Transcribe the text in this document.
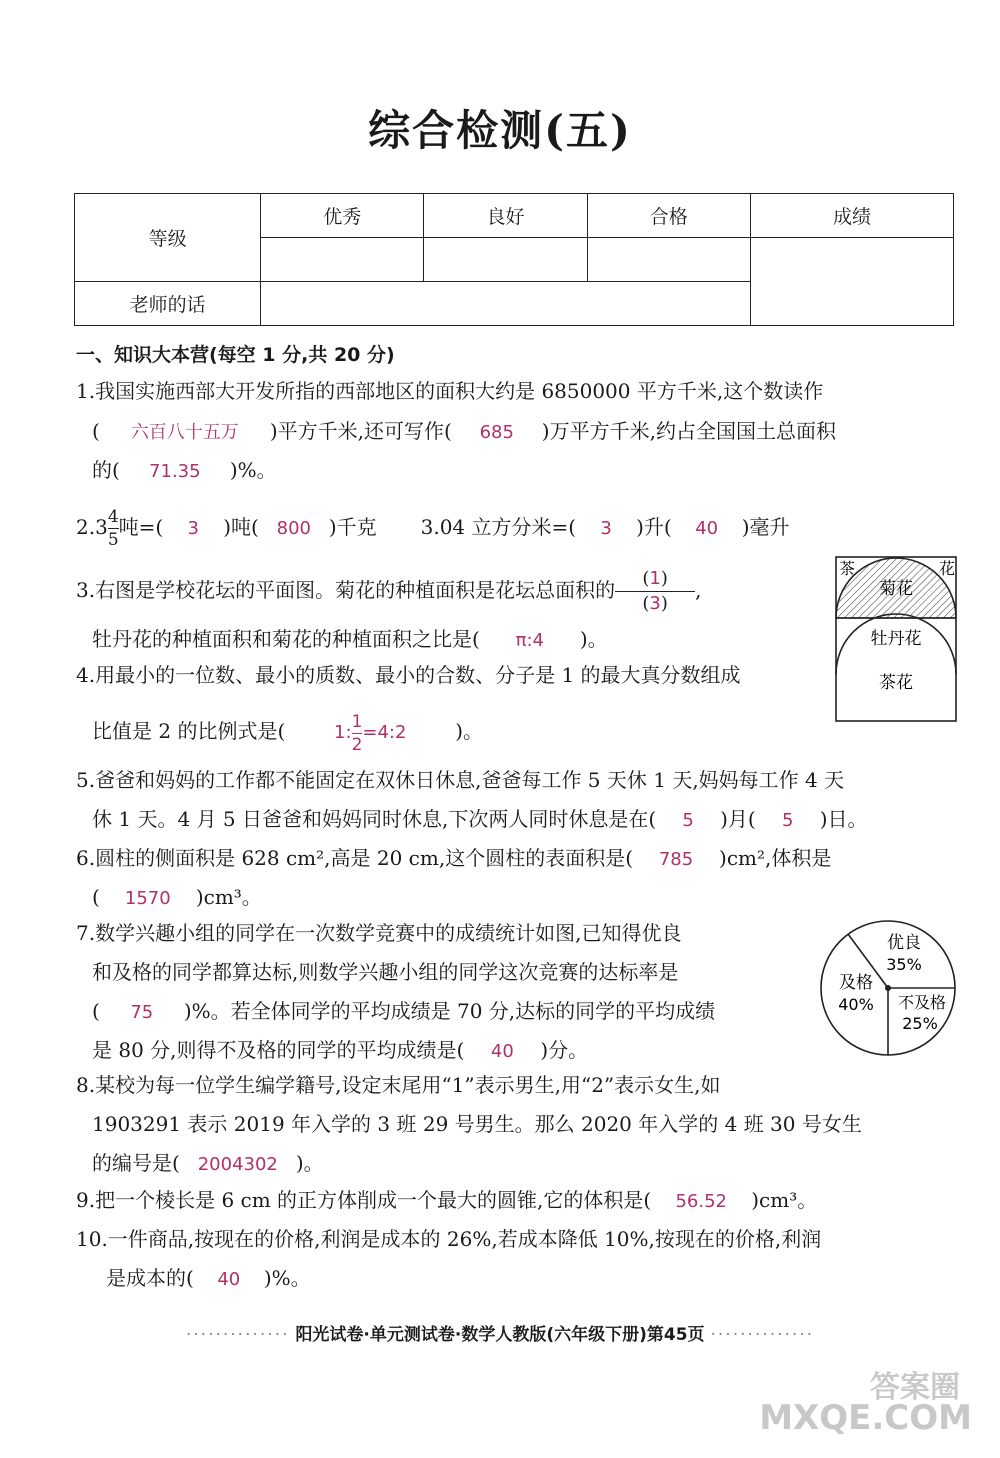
综合检测(五)
等级	优秀	良好	合格	成绩

老师的话				
一、知识大本营(每空 1 分,共 20 分)
1.我国实施西部大开发所指的西部地区的面积大约是 6850000 平方千米,这个数读作
( 六百八十五万 )平方千米,还可写作( 685 )万平方千米,约占全国国土总面积
的( 71.35 )%。
$2.3 \frac{4}{5}$ 吨=( 3 )吨( 800 )千克 3.04 立方分米=( 3 )升( 40 )毫升
3.右图是学校花坛的平面图。菊花的种植面积是花坛总面积的 $\frac{(1)}{(3)}$ ,
牡丹花的种植面积和菊花的种植面积之比是( π:4 )。
茶	花
菊花
牡丹花
茶花
4.用最小的一位数、最小的质数、最小的合数、分子是 1 的最大真分数组成
比值是 2 的比例式是(	1: $\frac{1}{2}$ =4:2 )。
5.爸爸和妈妈的工作都不能固定在双休日休息,爸爸每工作 5 天休 1 天,妈妈每工作 4 天
休 1 天。4 月 5 日爸爸和妈妈同时休息,下次两人同时休息是在( 5 )月( 5 )日。
6.圆柱的侧面积是 628 cm²,高是 20 cm,这个圆柱的表面积是( 785 )cm²,体积是
( 1570 )cm³。
7.数学兴趣小组的同学在一次数学竞赛中的成绩统计如图,已知得优良
和及格的同学都算达标,则数学兴趣小组的同学这次竞赛的达标率是
( 75 )%。若全体同学的平均成绩是 70 分,达标的同学的平均成绩
是 80 分,则得不及格的同学的平均成绩是( 40 )分。
优良
35%
及格
40% 不及格
25%
8.某校为每一位学生编学籍号,设定末尾用“1”表示男生,用“2”表示女生,如
1903291 表示 2019 年入学的 3 班 29 号男生。那么 2020 年入学的 4 班 30 号女生
的编号是( 2004302 )。
9.把一个棱长是 6 cm 的正方体削成一个最大的圆锥,它的体积是( 56.52 )cm³。
10.一件商品,按现在的价格,利润是成本的 26%,若成本降低 10%,按现在的价格,利润
是成本的( 40 )%。
·············· 阳光试卷·单元测试卷·数学人教版(六年级下册)第45页 ··············
答案圈
MXQE.COM
